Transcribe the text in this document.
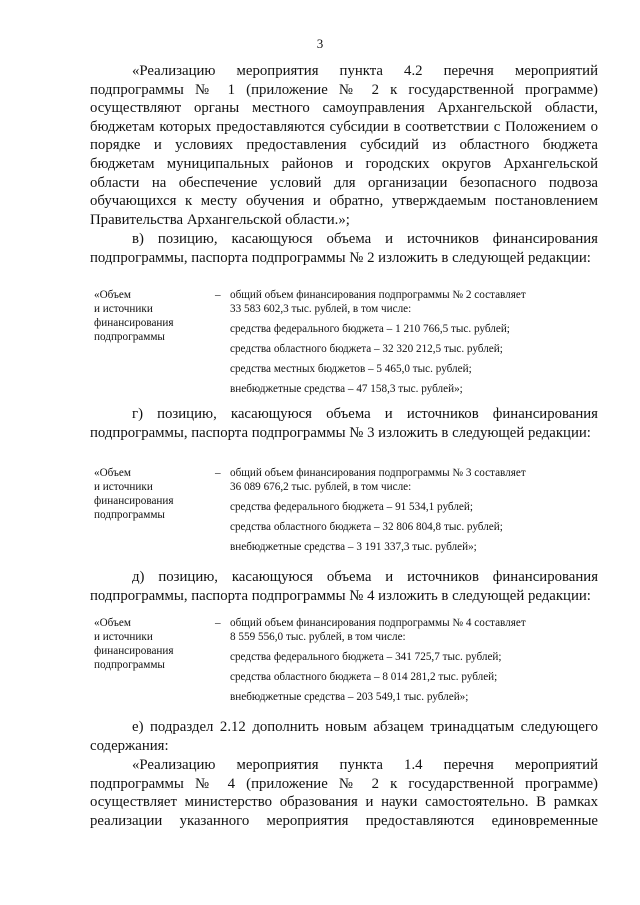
3

«Реализацию мероприятия пункта 4.2 перечня мероприятий подпрограммы № 1 (приложение № 2 к государственной программе) осуществляют органы местного самоуправления Архангельской области, бюджетам которых предоставляются субсидии в соответствии с Положением о порядке и условиях предоставления субсидий из областного бюджета бюджетам муниципальных районов и городских округов Архангельской области на обеспечение условий для организации безопасного подвоза обучающихся к месту обучения и обратно, утверждаемым постановлением Правительства Архангельской области.»;

в) позицию, касающуюся объема и источников финансирования подпрограммы, паспорта подпрограммы № 2 изложить в следующей редакции:

«Объем
и источники
финансирования
подпрограммы
– общий объем финансирования подпрограммы № 2 составляет
33 583 602,3 тыс. рублей, в том числе:
средства федерального бюджета – 1 210 766,5 тыс. рублей;
средства областного бюджета – 32 320 212,5 тыс. рублей;
средства местных бюджетов – 5 465,0 тыс. рублей;
внебюджетные средства – 47 158,3 тыс. рублей»;

г) позицию, касающуюся объема и источников финансирования подпрограммы, паспорта подпрограммы № 3 изложить в следующей редакции:

«Объем
и источники
финансирования
подпрограммы
– общий объем финансирования подпрограммы № 3 составляет
36 089 676,2 тыс. рублей, в том числе:
средства федерального бюджета – 91 534,1 рублей;
средства областного бюджета – 32 806 804,8 тыс. рублей;
внебюджетные средства – 3 191 337,3 тыс. рублей»;

д) позицию, касающуюся объема и источников финансирования подпрограммы, паспорта подпрограммы № 4 изложить в следующей редакции:

«Объем
и источники
финансирования
подпрограммы
– общий объем финансирования подпрограммы № 4 составляет
8 559 556,0 тыс. рублей, в том числе:
средства федерального бюджета – 341 725,7 тыс. рублей;
средства областного бюджета – 8 014 281,2 тыс. рублей;
внебюджетные средства – 203 549,1 тыс. рублей»;

е) подраздел 2.12 дополнить новым абзацем тринадцатым следующего содержания:

«Реализацию мероприятия пункта 1.4 перечня мероприятий подпрограммы № 4 (приложение № 2 к государственной программе) осуществляет министерство образования и науки самостоятельно. В рамках реализации указанного мероприятия предоставляются единовременные
